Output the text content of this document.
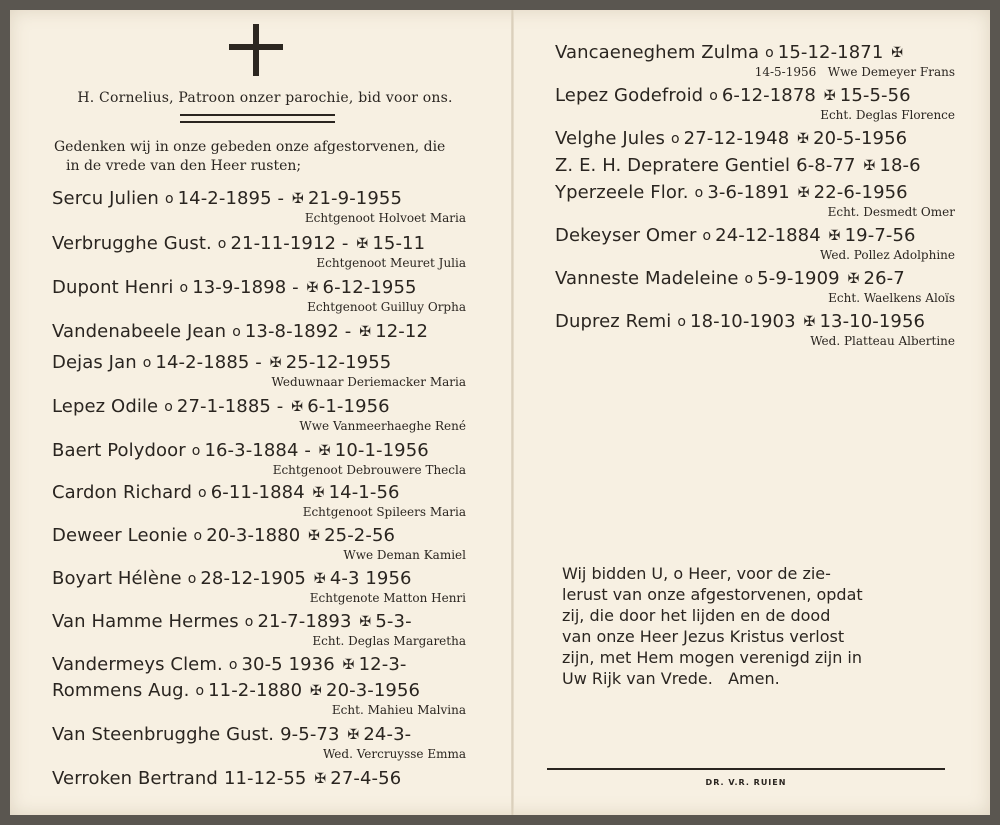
H. Cornelius, Patroon onzer parochie, bid voor ons.
Gedenken wij in onze gebeden onze afgestorvenen, die
in de vrede van den Heer rusten;
Sercu Julien o 14-2-1895 - ✠ 21-9-1955
Echtgenoot Holvoet Maria
Verbrugghe Gust. o 21-11-1912 - ✠ 15-11
Echtgenoot Meuret Julia
Dupont Henri o 13-9-1898 - ✠ 6-12-1955
Echtgenoot Guilluy Orpha
Vandenabeele Jean o 13-8-1892 - ✠ 12-12
Dejas Jan o 14-2-1885 - ✠ 25-12-1955
Weduwnaar Deriemacker Maria
Lepez Odile o 27-1-1885 - ✠ 6-1-1956
Wwe Vanmeerhaeghe René
Baert Polydoor o 16-3-1884 - ✠ 10-1-1956
Echtgenoot Debrouwere Thecla
Cardon Richard o 6-11-1884 ✠ 14-1-56
Echtgenoot Spileers Maria
Deweer Leonie o 20-3-1880 ✠ 25-2-56
Wwe Deman Kamiel
Boyart Hélène o 28-12-1905 ✠ 4-3 1956
Echtgenote Matton Henri
Van Hamme Hermes o 21-7-1893 ✠ 5-3-
Echt. Deglas Margaretha
Vandermeys Clem. o 30-5 1936 ✠ 12-3-
Rommens Aug. o 11-2-1880 ✠ 20-3-1956
Echt. Mahieu Malvina
Van Steenbrugghe Gust. 9-5-73 ✠ 24-3-
Wed. Vercruysse Emma
Verroken Bertrand 11-12-55 ✠ 27-4-56
Vancaeneghem Zulma o 15-12-1871 ✠
14-5-1956 Wwe Demeyer Frans
Lepez Godefroid o 6-12-1878 ✠ 15-5-56
Echt. Deglas Florence
Velghe Jules o 27-12-1948 ✠ 20-5-1956
Z. E. H. Depratere Gentiel 6-8-77 ✠ 18-6
Yperzeele Flor. o 3-6-1891 ✠ 22-6-1956
Echt. Desmedt Omer
Dekeyser Omer o 24-12-1884 ✠ 19-7-56
Wed. Pollez Adolphine
Vanneste Madeleine o 5-9-1909 ✠ 26-7
Echt. Waelkens Aloïs
Duprez Remi o 18-10-1903 ✠ 13-10-1956
Wed. Platteau Albertine
Wij bidden U, o Heer, voor de zie-
lerust van onze afgestorvenen, opdat
zij, die door het lijden en de dood
van onze Heer Jezus Kristus verlost
zijn, met Hem mogen verenigd zijn in
Uw Rijk van Vrede.   Amen.
DR. V.R. RUIEN
